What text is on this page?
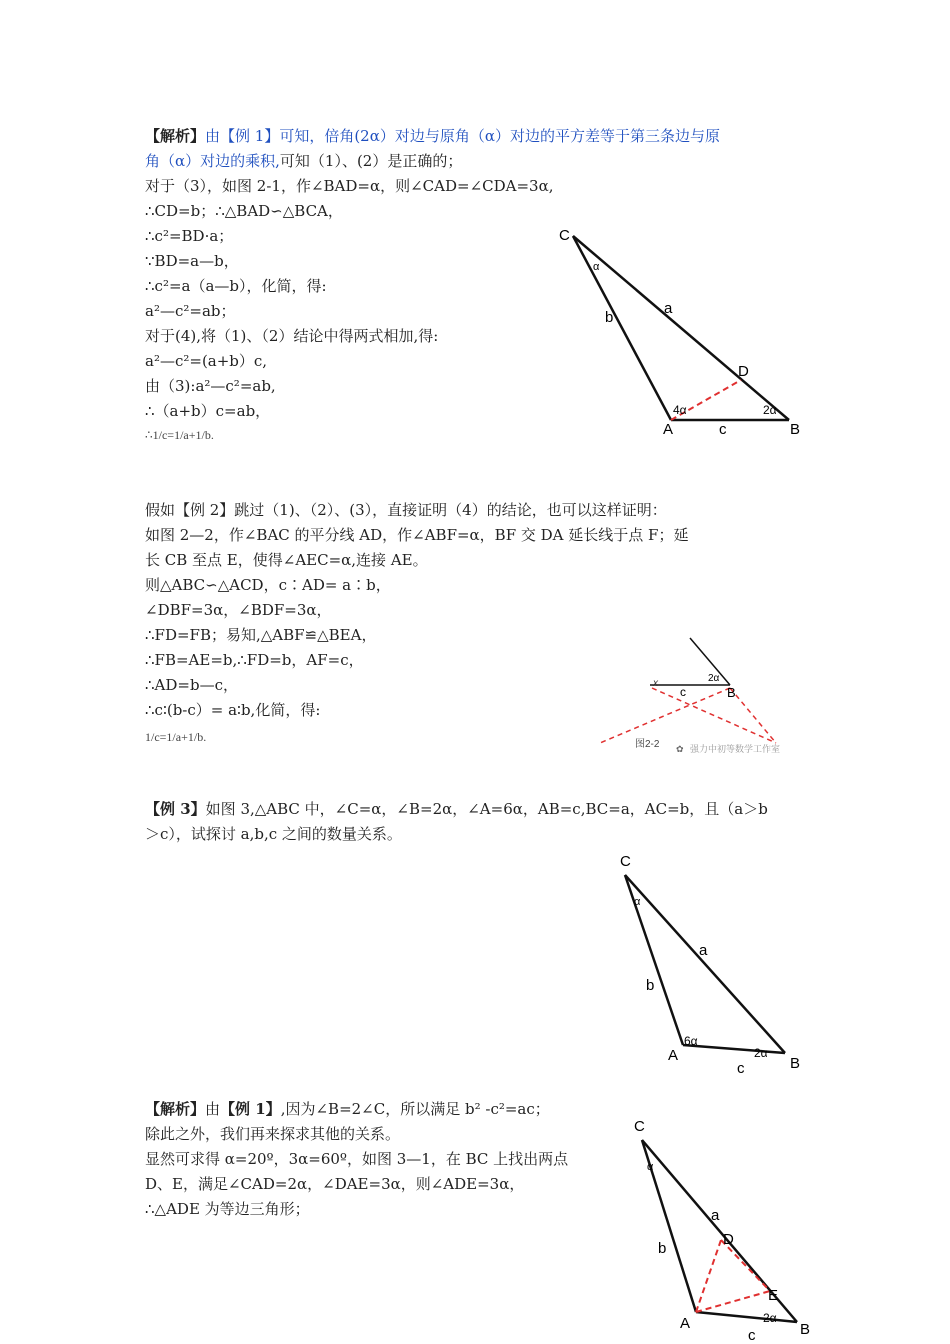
【解析】由【例 1】可知，倍角(2α）对边与原角（α）对边的平方差等于第三条边与原
角（α）对边的乘积,可知（1）、(2）是正确的；
对于（3），如图 2-1，作∠BAD=α，则∠CAD=∠CDA=3α,
∴CD=b；∴△BAD∽△BCA，
∴c²=BD·a；
∵BD=a—b，
∴c²=a（a—b），化简，得:
a²—c²=ab；
对于(4),将（1)、（2）结论中得两式相加,得:
a²—c²=(a+b）c,
由（3):a²—c²=ab,
∴（a+b）c=ab，
∴1/c=1/a+1/b.
C
α
b
a
D
4α	2α
A	c	B
假如【例 2】跳过（1)、（2）、(3），直接证明（4）的结论，也可以这样证明：
如图 2—2，作∠BAC 的平分线 AD，作∠ABF=α，BF 交 DA 延长线于点 F；延
长 CB 至点 E，使得∠AEC=α,连接 AE。
则△ABC∽△ACD，c∶AD= a∶b，
∠DBF=3α，∠BDF=3α，
∴FD=FB；易知,△ABF≌△BEA，
∴FB=AE=b,∴FD=b，AF=c，
∴AD=b—c，
∴c∶(b-c）= a∶b,化简，得:
1/c=1/a+1/b.
x	2α
c	B
图2-2 ✿ 强力中初等数学工作室
【例 3】如图 3,△ABC 中，∠C=α，∠B=2α，∠A=6α，AB=c,BC=a，AC=b，且（a＞b
＞c），试探讨 a,b,c 之间的数量关系。
C
α
b
a
6α
2α
A
c	B
【解析】由【例 1】,因为∠B=2∠C，所以满足 b² -c²=ac；
除此之外，我们再来探求其他的关系。
显然可求得 α=20º，3α=60º，如图 3—1，在 BC 上找出两点
D、E，满足∠CAD=2α，∠DAE=3α，则∠ADE=3α，
∴△ADE 为等边三角形；
C
α
b
a
D
E
2α
A
c	B
